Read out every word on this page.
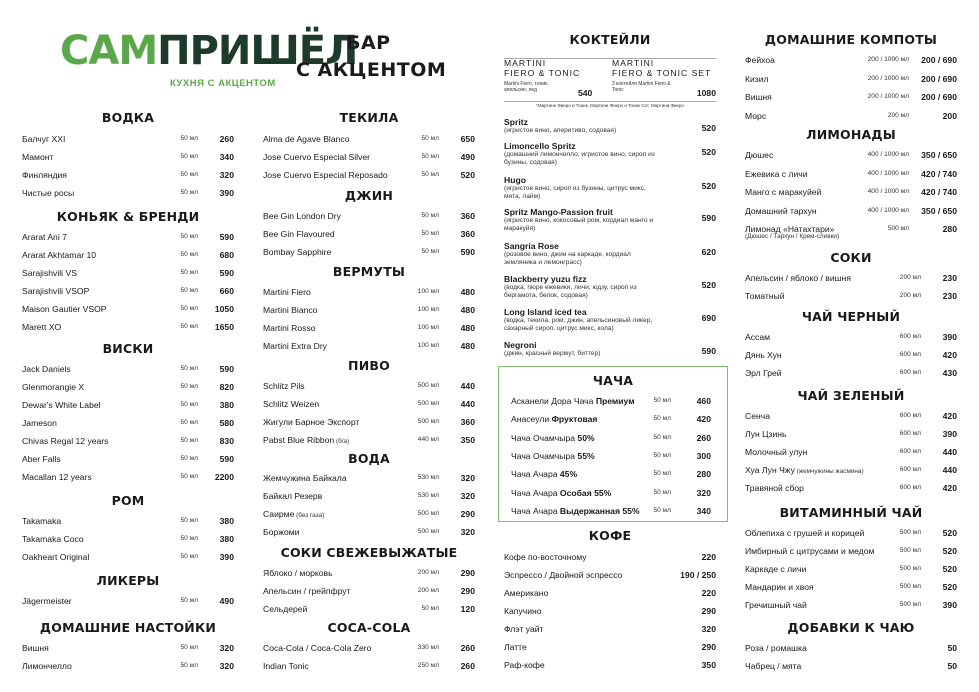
САМПРИШЁЛ
КУХНЯ С АКЦЕНТОМ
БАР
С АКЦЕНТОМ
ВОДКА
Балчуг XXI	50 мл	260
Мамонт	50 мл	340
Финляндия	50 мл	320
Чистые росы	50 мл	390
КОНЬЯК & БРЕНДИ
Ararat Ani 7	50 мл	590
Ararat Akhtamar 10	50 мл	680
Sarajishvili VS	50 мл	590
Sarajishvili VSOP	50 мл	660
Maison Gautier VSOP	50 мл 1050
Marett XO	50 мл 1650
ВИСКИ
Jack Daniels	50 мл	590
Glenmorangie X	50 мл	820
Dewar's White Label	50 мл	380
Jameson	50 мл	580
Chivas Regal 12 years	50 мл	830
Aber Falls	50 мл	590
Macallan 12 years	50 мл 2200
РОМ
Takamaka	50 мл	380
Takamaka Coco	50 мл	380
Oakheart Original	50 мл	390
ЛИКЕРЫ
Jägermeister	50 мл	490
ДОМАШНИЕ НАСТОЙКИ
Вишня	50 мл	320
Лимончелло	50 мл	320
ТЕКИЛА
Alma de Agave Blanco	50 мл	650
Jose Cuervo Especial Silver	50 мл	490
Jose Cuervo Especial Reposado	50 мл	520
ДЖИН
Bee Gin London Dry	50 мл	360
Bee Gin Flavoured	50 мл	360
Bombay Sapphire	50 мл	590
ВЕРМУТЫ
Martini Fiero	100 мл	480
Martini Bianco	100 мл	480
Martini Rosso	100 мл	480
Martini Extra Dry	100 мл	480
ПИВО
Schlitz Pils	500 мл	440
Schlitz Weizen	500 мл	440
Жигули Барное Экспорт	500 мл	360
Pabst Blue Ribbon (б/а)	440 мл	350
ВОДА
Жемчужина Байкала	530 мл	320
Байкал Резерв	530 мл	320
Саирме (без газа)	500 мл	290
Боржоми	500 мл	320
СОКИ СВЕЖЕВЫЖАТЫЕ
Яблоко / морковь	200 мл	290
Апельсин / грейпфрут	200 мл	290
Сельдерей	50 мл	120
COCA-COLA
Coca-Cola / Coca-Cola Zero	330 мл	260
Indian Tonic	250 мл	260
КОКТЕЙЛИ
MARTINI
FIERO & TONIC
Martini Fiero, тоник, апельсин, лед	540
MARTINI
FIERO & TONIC SET
3 коктейля Martini Fiero & Tonic	1080
*Мартини Фиеро и Тоник, Мартини Фиеро и Тоник Сет, Мартини Фиеро
Spritz
(игристое вино, аперитиво, содовая)	520
Limoncello Spritz
(домашний лимончелло, игристое вино, сироп из бузины, содовая)
520
Hugo
(игристое вино, сироп из бузины, цитрус микс, мята, лайм)
520
Spritz Mango-Passion fruit
(игристое вино, кокосовый ром, кордиал манго и маракуйя)
590
Sangria Rose
(розовое вино, джин на каркаде, кордиал земляника и лемонграсс)
620
Blackberry yuzu fizz
(водка, пюре ежевики, личи, юдзу, сироп из бергамота, белок, содовая)
520
Long Island iced tea
(водка, текила, ром, джин, апельсиновый ликер, сахарный сироп, цитрус микс, кола)
690
Negroni
(джин, красный вермут, биттер)	590
ЧАЧА
Асканели Дора Чача Премиум	50 мл	460
Анасеули Фруктовая	50 мл	420
Чача Очамчыра 50%	50 мл	260
Чача Очамчыра 55%	50 мл	300
Чача Ачара 45%	50 мл	280
Чача Ачара Особая 55%	50 мл	320
Чача Ачара Выдержанная 55% 50 мл	340
КОФЕ
Кофе по-восточному	220
Эспрессо / Двойной эспрессо	190 / 250
Американо	220
Капучино	290
Флэт уайт	320
Латте	290
Раф-кофе	350
ДОМАШНИЕ КОМПОТЫ
Фейхоа	200 / 1000 мл 200 / 690
Кизил	200 / 1000 мл 200 / 690
Вишня	200 / 1000 мл 200 / 690
Морс	200 мл	200
ЛИМОНАДЫ
Дюшес	400 / 1000 мл 350 / 650
Ежевика с личи	400 / 1000 мл 420 / 740
Манго с маракуйей	400 / 1000 мл 420 / 740
Домашний тархун	400 / 1000 мл 350 / 650
Лимонад «Натахтари»	500 мл	280
(Дюшес / Тархун / Крем-сливки)
СОКИ
Апельсин / яблоко / вишня	200 мл	230
Томатный	200 мл	230
ЧАЙ ЧЕРНЫЙ
Ассам	600 мл	390
Дянь Хун	600 мл	420
Эрл Грей	600 мл	430
ЧАЙ ЗЕЛЕНЫЙ
Сенча	600 мл	420
Лун Цзинь	600 мл	390
Молочный улун	600 мл	440
Хуа Лун Чжу (жемчужины жасмина)	600 мл	440
Травяной сбор	600 мл	420
ВИТАМИННЫЙ ЧАЙ
Облепиха с грушей и корицей	500 мл	520
Имбирный с цитрусами и медом	500 мл	520
Каркаде с личи	500 мл	520
Мандарин и хвоя	500 мл	520
Гречишный чай	500 мл	390
ДОБАВКИ К ЧАЮ
Роза / ромашка	50
Чабрец / мята	50
